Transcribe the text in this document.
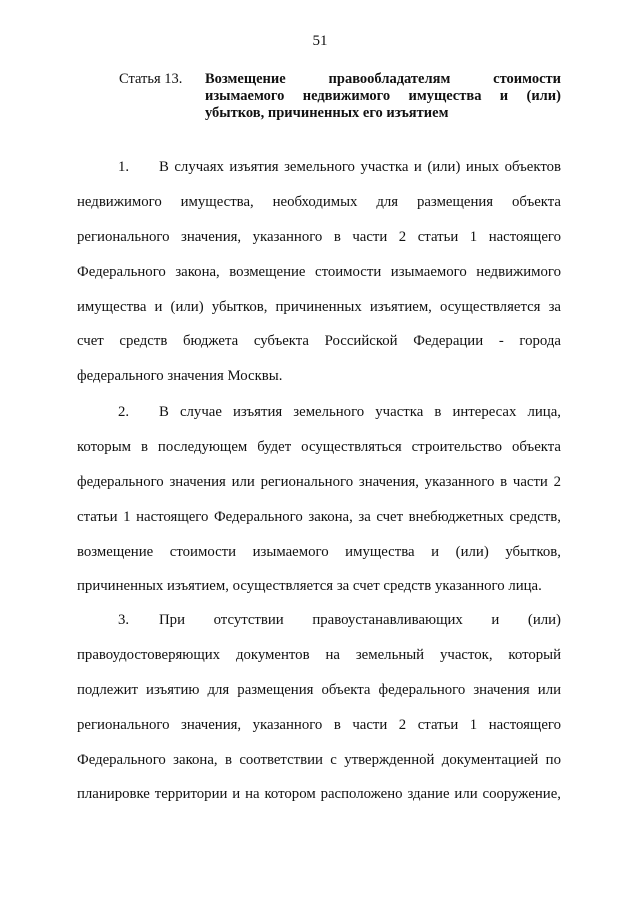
51
Статья 13. Возмещение правообладателям стоимости
изымаемого недвижимого имущества и (или)
убытков, причиненных его изъятием
1. В случаях изъятия земельного участка и (или) иных объектов
недвижимого имущества, необходимых для размещения объекта
регионального значения, указанного в части 2 статьи 1 настоящего
Федерального закона, возмещение стоимости изымаемого недвижимого
имущества и (или) убытков, причиненных изъятием, осуществляется за
счет средств бюджета субъекта Российской Федерации - города
федерального значения Москвы.
2. В случае изъятия земельного участка в интересах лица,
которым в последующем будет осуществляться строительство объекта
федерального значения или регионального значения, указанного в части 2
статьи 1 настоящего Федерального закона, за счет внебюджетных средств,
возмещение стоимости изымаемого имущества и (или) убытков,
причиненных изъятием, осуществляется за счет средств указанного лица.
3. При отсутствии правоустанавливающих и (или)
правоудостоверяющих документов на земельный участок, который
подлежит изъятию для размещения объекта федерального значения или
регионального значения, указанного в части 2 статьи 1 настоящего
Федерального закона, в соответствии с утвержденной документацией по
планировке территории и на котором расположено здание или сооружение,
